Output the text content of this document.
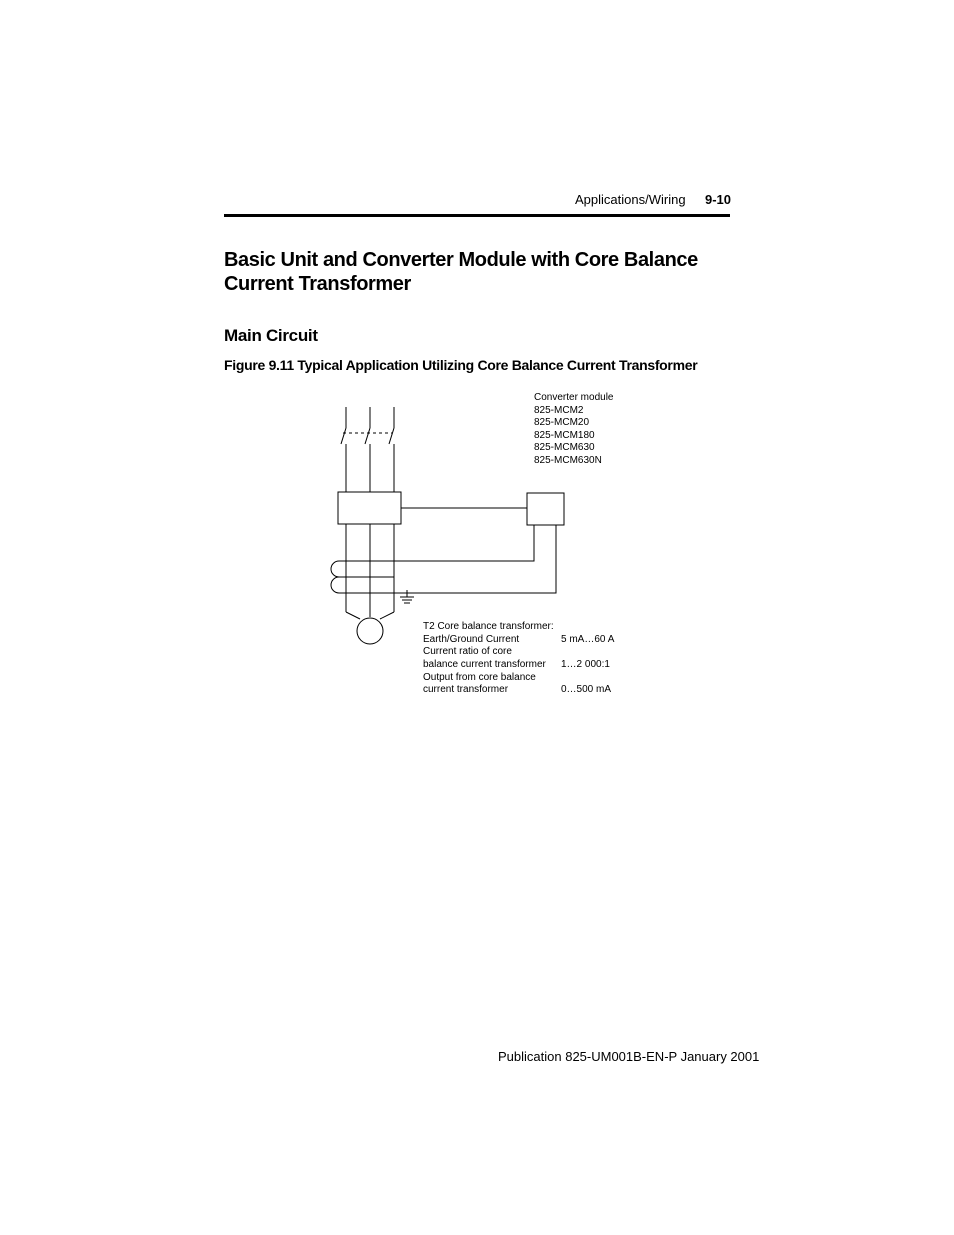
Applications/Wiring 9-10
Basic Unit and Converter Module with Core Balance Current Transformer
Main Circuit

Figure 9.11 Typical Application Utilizing Core Balance Current Transformer

Converter module
825-MCM2
825-MCM20
825-MCM180
825-MCM630
825-MCM630N
T2 Core balance transformer:
Earth/Ground Current	5 mA…60 A
Current ratio of core
balance current transformer 1…2 000:1
Output from core balance
current transformer	0…500 mA
Publication 825-UM001B-EN-P January 2001
